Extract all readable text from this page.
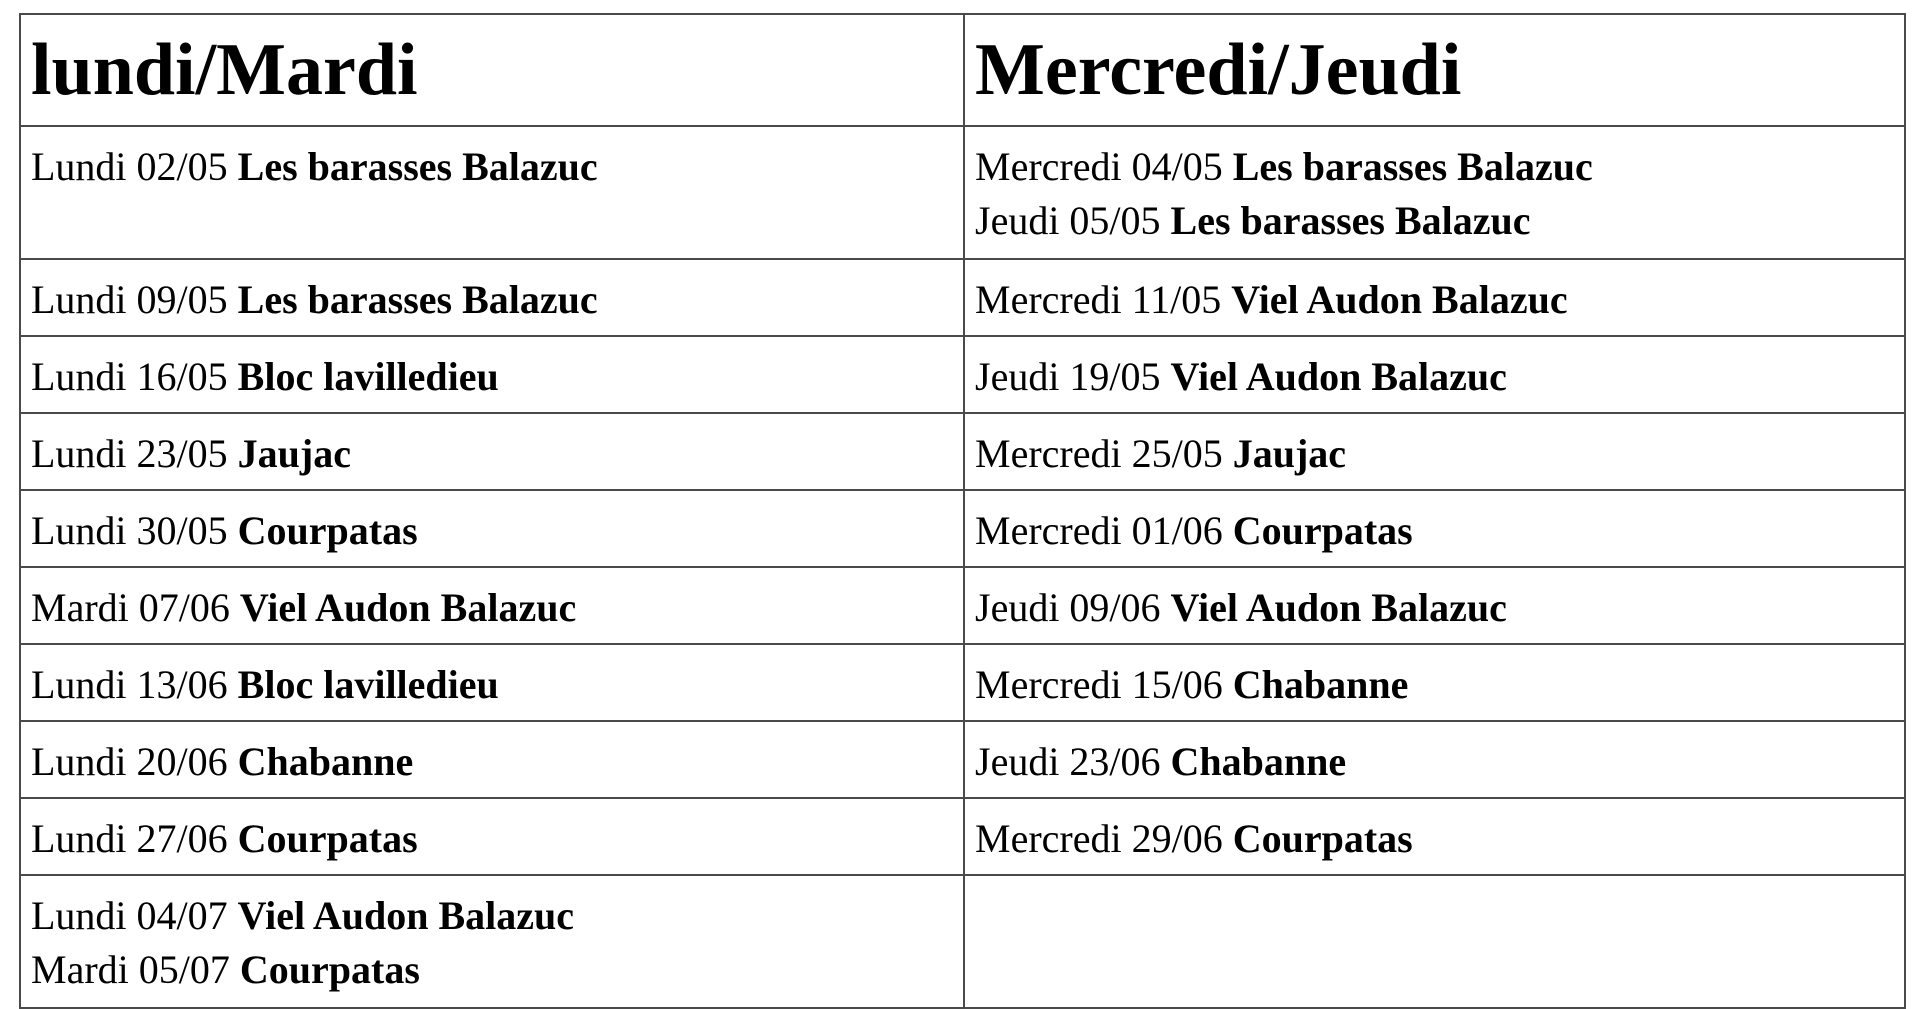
lundi/Mardi	Mercredi/Jeudi

Lundi 02/05 Les barasses Balazuc	Mercredi 04/05 Les barasses Balazuc
Jeudi 05/05 Les barasses Balazuc

Lundi 09/05 Les barasses Balazuc	Mercredi 11/05 Viel Audon Balazuc

Lundi 16/05 Bloc lavilledieu	Jeudi 19/05 Viel Audon Balazuc

Lundi 23/05 Jaujac	Mercredi 25/05 Jaujac

Lundi 30/05 Courpatas	Mercredi 01/06 Courpatas

Mardi 07/06 Viel Audon Balazuc	Jeudi 09/06 Viel Audon Balazuc

Lundi 13/06 Bloc lavilledieu	Mercredi 15/06 Chabanne

Lundi 20/06 Chabanne	Jeudi 23/06 Chabanne

Lundi 27/06 Courpatas	Mercredi 29/06 Courpatas

Lundi 04/07 Viel Audon Balazuc
Mardi 05/07 Courpatas	
